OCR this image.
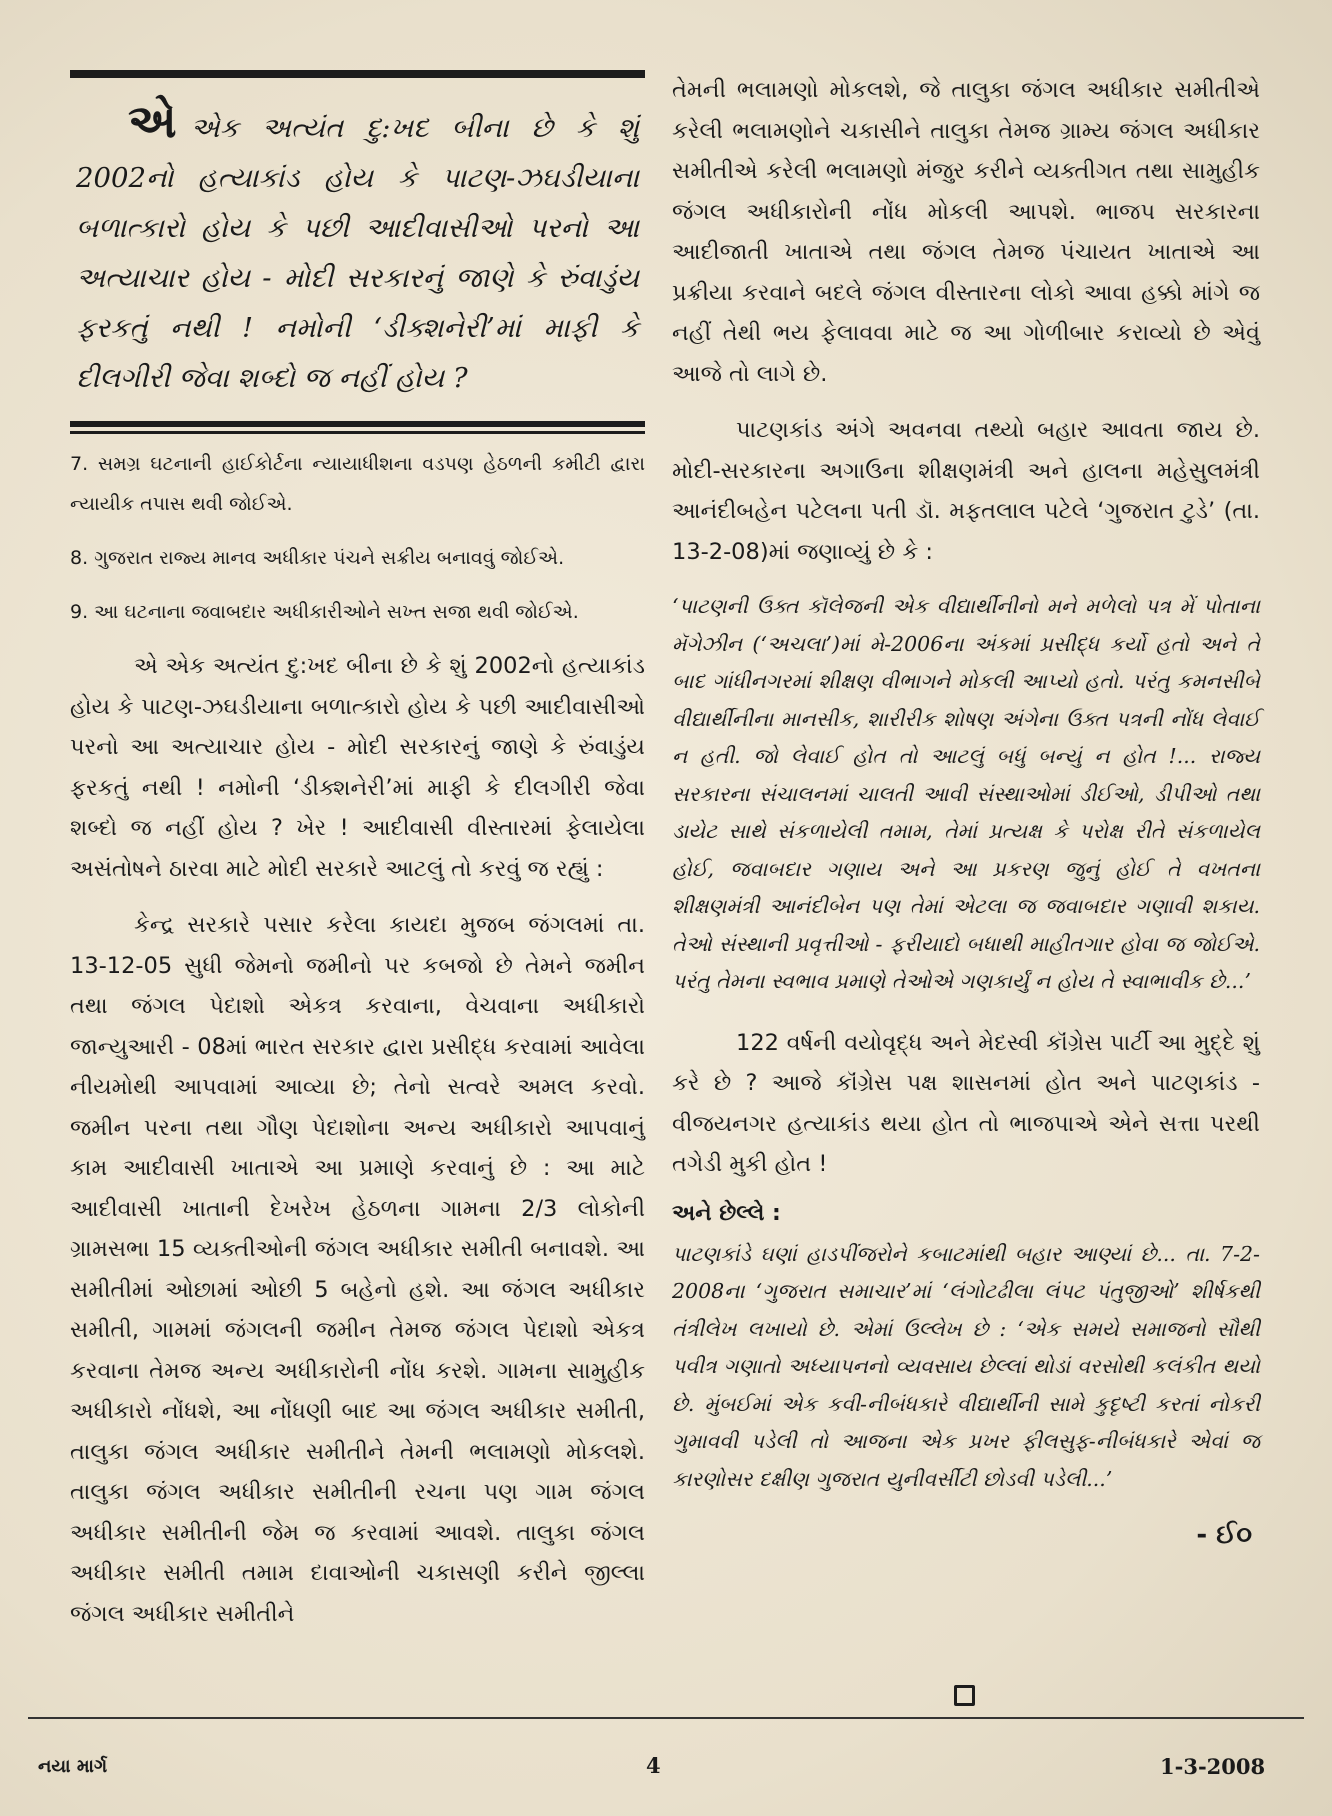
એએક અત્યંત દુ:ખદ બીના છે કે શું 2002નો હત્યાકાંડ હોય કે પાટણ-ઝઘડીયાના બળાત્કારો હોય કે પછી આદીવાસીઓ પરનો આ અત્યાચાર હોય - મોદી સરકારનું જાણે કે રુંવાડુંય ફરકતું નથી ! નમોની ‘ડીક્શનેરી’માં માફી કે દીલગીરી જેવા શબ્દો જ નહીં હોય ?
7. સમગ્ર ઘટનાની હાઈકોર્ટના ન્યાયાધીશના વડપણ હેઠળની કમીટી દ્વારા ન્યાયીક તપાસ થવી જોઈએ.
8. ગુજરાત રાજ્ય માનવ અધીકાર પંચને સક્રીય બનાવવું જોઈએ.
9. આ ઘટનાના જવાબદાર અધીકારીઓને સખ્ત સજા થવી જોઈએ.

એ એક અત્યંત દુ:ખદ બીના છે કે શું 2002નો હત્યાકાંડ હોય કે પાટણ-ઝઘડીયાના બળાત્કારો હોય કે પછી આદીવાસીઓ પરનો આ અત્યાચાર હોય - મોદી સરકારનું જાણે કે રુંવાડુંય ફરકતું નથી ! નમોની ‘ડીક્શનેરી’માં માફી કે દીલગીરી જેવા શબ્દો જ નહીં હોય ? ખેર ! આદીવાસી વીસ્તારમાં ફેલાયેલા અસંતોષને ઠારવા માટે મોદી સરકારે આટલું તો કરવું જ રહ્યું :

કેન્દ્ર સરકારે પસાર કરેલા કાયદા મુજબ જંગલમાં તા. 13-12-05 સુધી જેમનો જમીનો પર કબજો છે તેમને જમીન તથા જંગલ પેદાશો એકત્ર કરવાના, વેચવાના અધીકારો જાન્યુઆરી - 08માં ભારત સરકાર દ્વારા પ્રસીદ્ધ કરવામાં આવેલા નીયમોથી આપવામાં આવ્યા છે; તેનો સત્વરે અમલ કરવો. જમીન પરના તથા ગૌણ પેદાશોના અન્ય અધીકારો આપવાનું કામ આદીવાસી ખાતાએ આ પ્રમાણે કરવાનું છે : આ માટે આદીવાસી ખાતાની દેખરેખ હેઠળના ગામના 2/3 લોકોની ગ્રામસભા 15 વ્યક્તીઓની જંગલ અધીકાર સમીતી બનાવશે. આ સમીતીમાં ઓછામાં ઓછી 5 બહેનો હશે. આ જંગલ અધીકાર સમીતી, ગામમાં જંગલની જમીન તેમજ જંગલ પેદાશો એકત્ર કરવાના તેમજ અન્ય અધીકારોની નોંધ કરશે. ગામના સામુહીક અધીકારો નોંધશે, આ નોંધણી બાદ આ જંગલ અધીકાર સમીતી, તાલુકા જંગલ અધીકાર સમીતીને તેમની ભલામણો મોકલશે. તાલુકા જંગલ અધીકાર સમીતીની રચના પણ ગામ જંગલ અધીકાર સમીતીની જેમ જ કરવામાં આવશે. તાલુકા જંગલ અધીકાર સમીતી તમામ દાવાઓની ચકાસણી કરીને જીલ્લા જંગલ અધીકાર સમીતીને

તેમની ભલામણો મોકલશે, જે તાલુકા જંગલ અધીકાર સમીતીએ કરેલી ભલામણોને ચકાસીને તાલુકા તેમજ ગ્રામ્ય જંગલ અધીકાર સમીતીએ કરેલી ભલામણો મંજુર કરીને વ્યક્તીગત તથા સામુહીક જંગલ અધીકારોની નોંધ મોકલી આપશે. ભાજપ સરકારના આદીજાતી ખાતાએ તથા જંગલ તેમજ પંચાયત ખાતાએ આ પ્રક્રીયા કરવાને બદલે જંગલ વીસ્તારના લોકો આવા હક્કો માંગે જ નહીં તેથી ભય ફેલાવવા માટે જ આ ગોળીબાર કરાવ્યો છે એવું આજે તો લાગે છે.

પાટણકાંડ અંગે અવનવા તથ્યો બહાર આવતા જાય છે. મોદી-સરકારના અગાઉના શીક્ષણમંત્રી અને હાલના મહેસુલમંત્રી આનંદીબહેન પટેલના પતી ડૉ. મફતલાલ પટેલે ‘ગુજરાત ટુડે’ (તા. 13-2-08)માં જણાવ્યું છે કે :

‘પાટણની ઉક્ત કૉલેજની એક વીદ્યાર્થીનીનો મને મળેલો પત્ર મેં પોતાના મૅગેઝીન (‘અચલા’)માં મે-2006ના અંકમાં પ્રસીદ્ધ કર્યો હતો અને તે બાદ ગાંધીનગરમાં શીક્ષણ વીભાગને મોકલી આપ્યો હતો. પરંતુ કમનસીબે વીદ્યાર્થીનીના માનસીક, શારીરીક શોષણ અંગેના ઉક્ત પત્રની નોંધ લેવાઈ ન હતી. જો લેવાઈ હોત તો આટલું બધું બન્યું ન હોત !... રાજ્ય સરકારના સંચાલનમાં ચાલતી આવી સંસ્થાઓમાં ડીઈઓ, ડીપીઓ તથા ડાયેટ સાથે સંકળાયેલી તમામ, તેમાં પ્રત્યક્ષ કે પરોક્ષ રીતે સંકળાયેલ હોઈ, જવાબદાર ગણાય અને આ પ્રકરણ જુનું હોઈ તે વખતના શીક્ષણમંત્રી આનંદીબેન પણ તેમાં એટલા જ જવાબદાર ગણાવી શકાય. તેઓ સંસ્થાની પ્રવૃત્તીઓ - ફરીયાદો બધાથી માહીતગાર હોવા જ જોઈએ. પરંતુ તેમના સ્વભાવ પ્રમાણે તેઓએ ગણકાર્યું ન હોય તે સ્વાભાવીક છે...’

122 વર્ષની વયોવૃદ્ધ અને મેદસ્વી કૉંગ્રેસ પાર્ટી આ મુદ્દે શું કરે છે ? આજે કૉંગ્રેસ પક્ષ શાસનમાં હોત અને પાટણકાંડ - વીજયનગર હત્યાકાંડ થયા હોત તો ભાજપાએ એને સત્તા પરથી તગેડી મુકી હોત !

અને છેલ્લે :
પાટણકાંડે ઘણાં હાડપીંજરોને કબાટમાંથી બહાર આણ્યાં છે... તા. 7-2-2008ના ‘ગુજરાત સમાચાર’માં ‘લંગોટઢીલા લંપટ પંતુજીઓ’ શીર્ષકથી તંત્રીલેખ લખાયો છે. એમાં ઉલ્લેખ છે : ‘એક સમયે સમાજનો સૌથી પવીત્ર ગણાતો અધ્યાપનનો વ્યવસાય છેલ્લાં થોડાં વરસોથી કલંકીત થયો છે. મુંબઈમાં એક કવી-નીબંધકારે વીદ્યાર્થીની સામે કુદૃષ્ટી કરતાં નોકરી ગુમાવવી પડેલી તો આજના એક પ્રખર ફીલસુફ-નીબંધકારે એવાં જ કારણોસર દક્ષીણ ગુજરાત યુનીવર્સીટી છોડવી પડેલી...’
- ઈ૦
નયા માર્ગ	4	1-3-2008
